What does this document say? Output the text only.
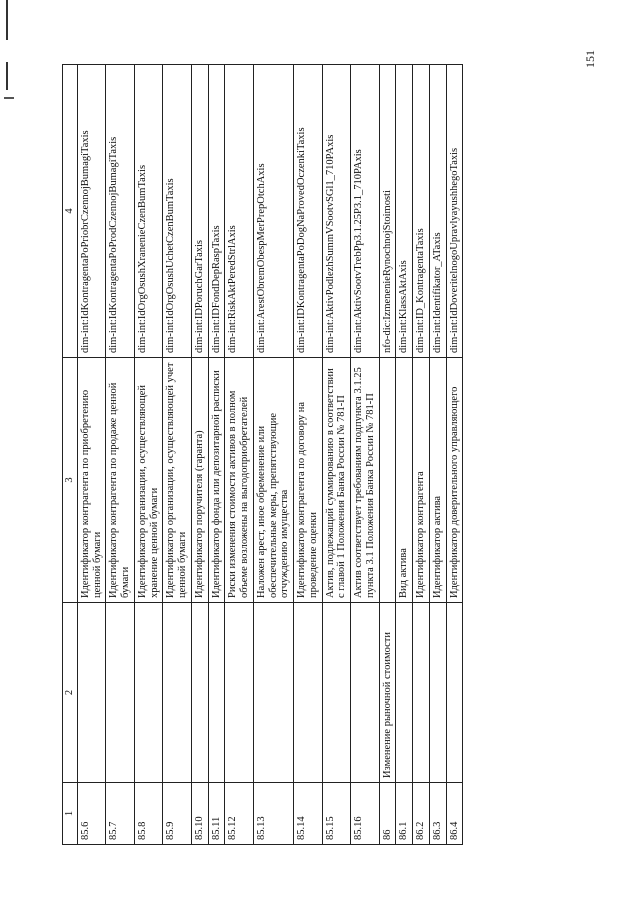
151
1	2	3	4
85.6		Идентификатор контрагента по приобретению ценной бумаги	dim-int:IdKontragentaPoPriobrCzennojBumagiTaxis
85.7		Идентификатор контрагента по продаже ценной бумаги	dim-int:IdKontragentaPoProdCzennojBumagiTaxis
85.8		Идентификатор организации, осуществляющей хранение ценной бумаги	dim-int:IdOrgOsushXranenieCzenBumTaxis
85.9		Идентификатор организации, осуществляющей учет ценной бумаги	dim-int:IdOrgOsushUchetCzenBumTaxis
85.10		Идентификатор поручителя (гаранта)	dim-int:IDPoruchGarTaxis
85.11		Идентификатор фонда или депозитарной расписки	dim-int:IDFondDepRaspTaxis
85.12		Риски изменения стоимости активов в полном объеме возложены на выгодоприобретателей	dim-int:RiskAktPeredStrlAxis
85.13		Наложен арест, иное обременение или обеспечительные меры, препятствующие отчуждению имущества	dim-int:ArestObremObespMerPrepOtchAxis
85.14		Идентификатор контрагента по договору на проведение оценки	dim-int:IDKontragentaPoDogNaProvedOczenkiTaxis
85.15		Актив, подлежащий суммированию в соответствии с главой 1 Положения Банка России № 781-П	dim-int:AktivPodlezhSummVSootvSGl1_710PAxis
85.16		Актив соответствует требованиям подпункта 3.1.25 пункта 3.1 Положения Банка России № 781-П	dim-int:AktivSootvTrebPp3.1.25P3.1_710PAxis
86	Изменение рыночной стоимости		nfo-dic:IzmenenieRynochnojStoimosti
86.1		Вид актива	dim-int:KlassAktAxis
86.2		Идентификатор контрагента	dim-int:ID_KontragentaTaxis
86.3		Идентификатор актива	dim-int:Identifikator_ATaxis
86.4		Идентификатор доверительного управляющего	dim-int:IdDoveritelnogoUpravlyayushhegoTaxis
